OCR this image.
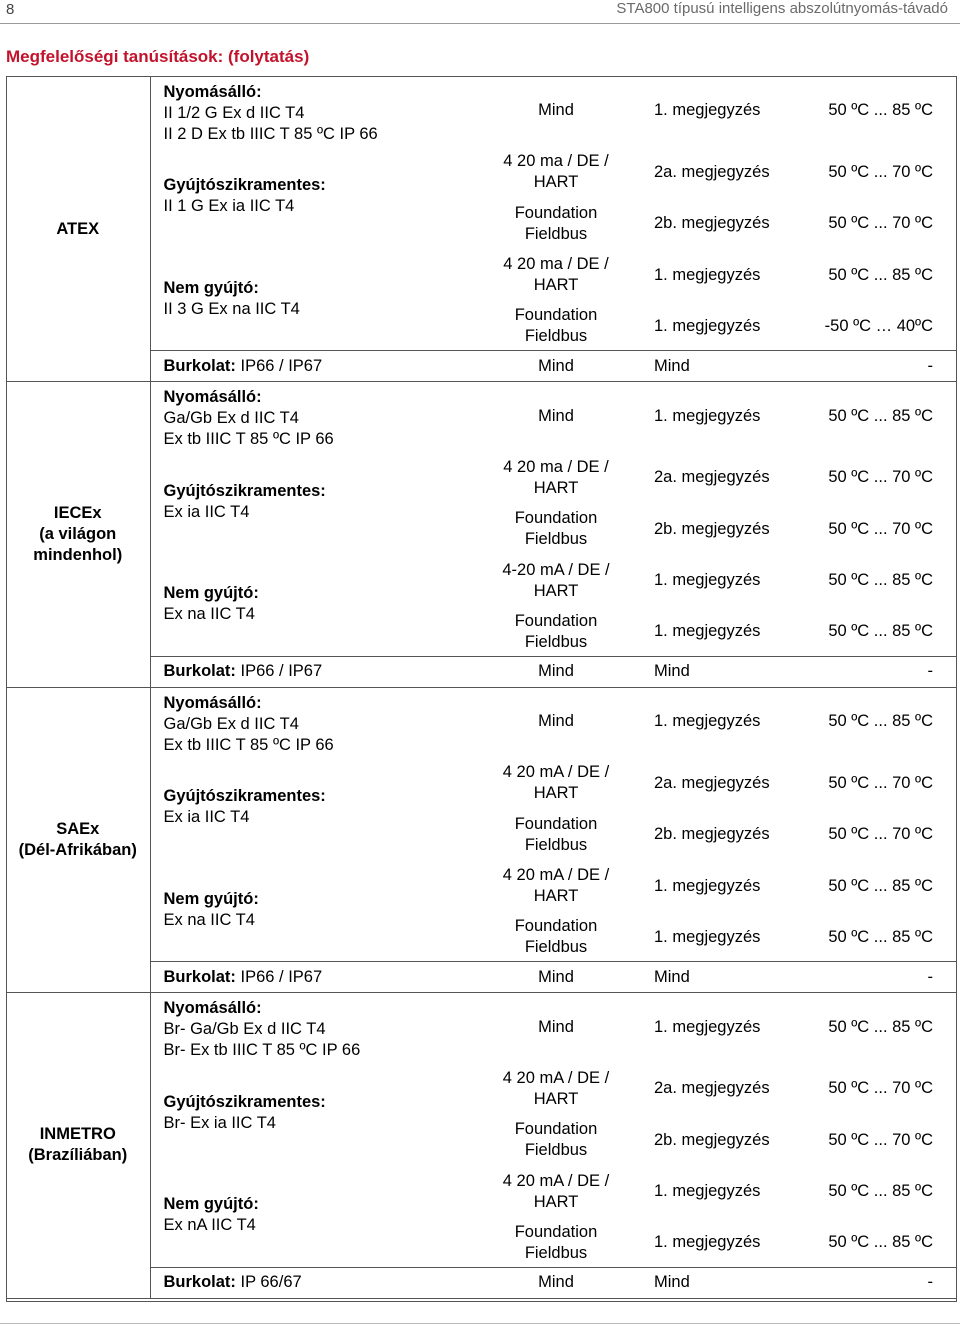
8	STA800 típusú intelligens abszolútnyomás-távadó
Megfelelőségi tanúsítások: (folytatás)
ATEX	Nyomásálló:
II 1/2 G Ex d IIC T4
II 2 D Ex tb IIIC T 85 ºC IP 66	Mind	1. megjegyzés	50 ºC ... 85 ºC

	Gyújtószikramentes:
II 1 G Ex ia IIC T4	4 20 ma / DE / HART	2a. megjegyzés	50 ºC ... 70 ºC
		Foundation Fieldbus	2b. megjegyzés	50 ºC ... 70 ºC

	Nem gyújtó:
II 3 G Ex na IIC T4	4 20 ma / DE / HART	1. megjegyzés	50 ºC ... 85 ºC
		Foundation Fieldbus	1. megjegyzés	-50 ºC … 40ºC
	Burkolat: IP66 / IP67	Mind	Mind	-

IECEx
(a világon
mindenhol)	Nyomásálló:
Ga/Gb Ex d IIC T4
Ex tb IIIC T 85 ºC IP 66	Mind	1. megjegyzés	50 ºC ... 85 ºC

	Gyújtószikramentes:
Ex ia IIC T4	4 20 ma / DE / HART	2a. megjegyzés	50 ºC ... 70 ºC
		Foundation Fieldbus	2b. megjegyzés	50 ºC ... 70 ºC

	Nem gyújtó:
Ex na IIC T4	4-20 mA / DE / HART	1. megjegyzés	50 ºC ... 85 ºC
		Foundation Fieldbus	1. megjegyzés	50 ºC ... 85 ºC
	Burkolat: IP66 / IP67	Mind	Mind	-

SAEx
(Dél-Afrikában)	Nyomásálló:
Ga/Gb Ex d IIC T4
Ex tb IIIC T 85 ºC IP 66	Mind	1. megjegyzés	50 ºC ... 85 ºC

	Gyújtószikramentes:
Ex ia IIC T4	4 20 mA / DE / HART	2a. megjegyzés	50 ºC ... 70 ºC
		Foundation Fieldbus	2b. megjegyzés	50 ºC ... 70 ºC

	Nem gyújtó:
Ex na IIC T4	4 20 mA / DE / HART	1. megjegyzés	50 ºC ... 85 ºC
		Foundation Fieldbus	1. megjegyzés	50 ºC ... 85 ºC
	Burkolat: IP66 / IP67	Mind	Mind	-

INMETRO
(Brazíliában)	Nyomásálló:
Br- Ga/Gb Ex d IIC T4
Br- Ex tb IIIC T 85 ºC IP 66	Mind	1. megjegyzés	50 ºC ... 85 ºC

	Gyújtószikramentes:
Br- Ex ia IIC T4	4 20 mA / DE / HART	2a. megjegyzés	50 ºC ... 70 ºC
		Foundation Fieldbus	2b. megjegyzés	50 ºC ... 70 ºC

	Nem gyújtó:
Ex nA IIC T4	4 20 mA / DE / HART	1. megjegyzés	50 ºC ... 85 ºC
		Foundation Fieldbus	1. megjegyzés	50 ºC ... 85 ºC
	Burkolat: IP 66/67	Mind	Mind	-
